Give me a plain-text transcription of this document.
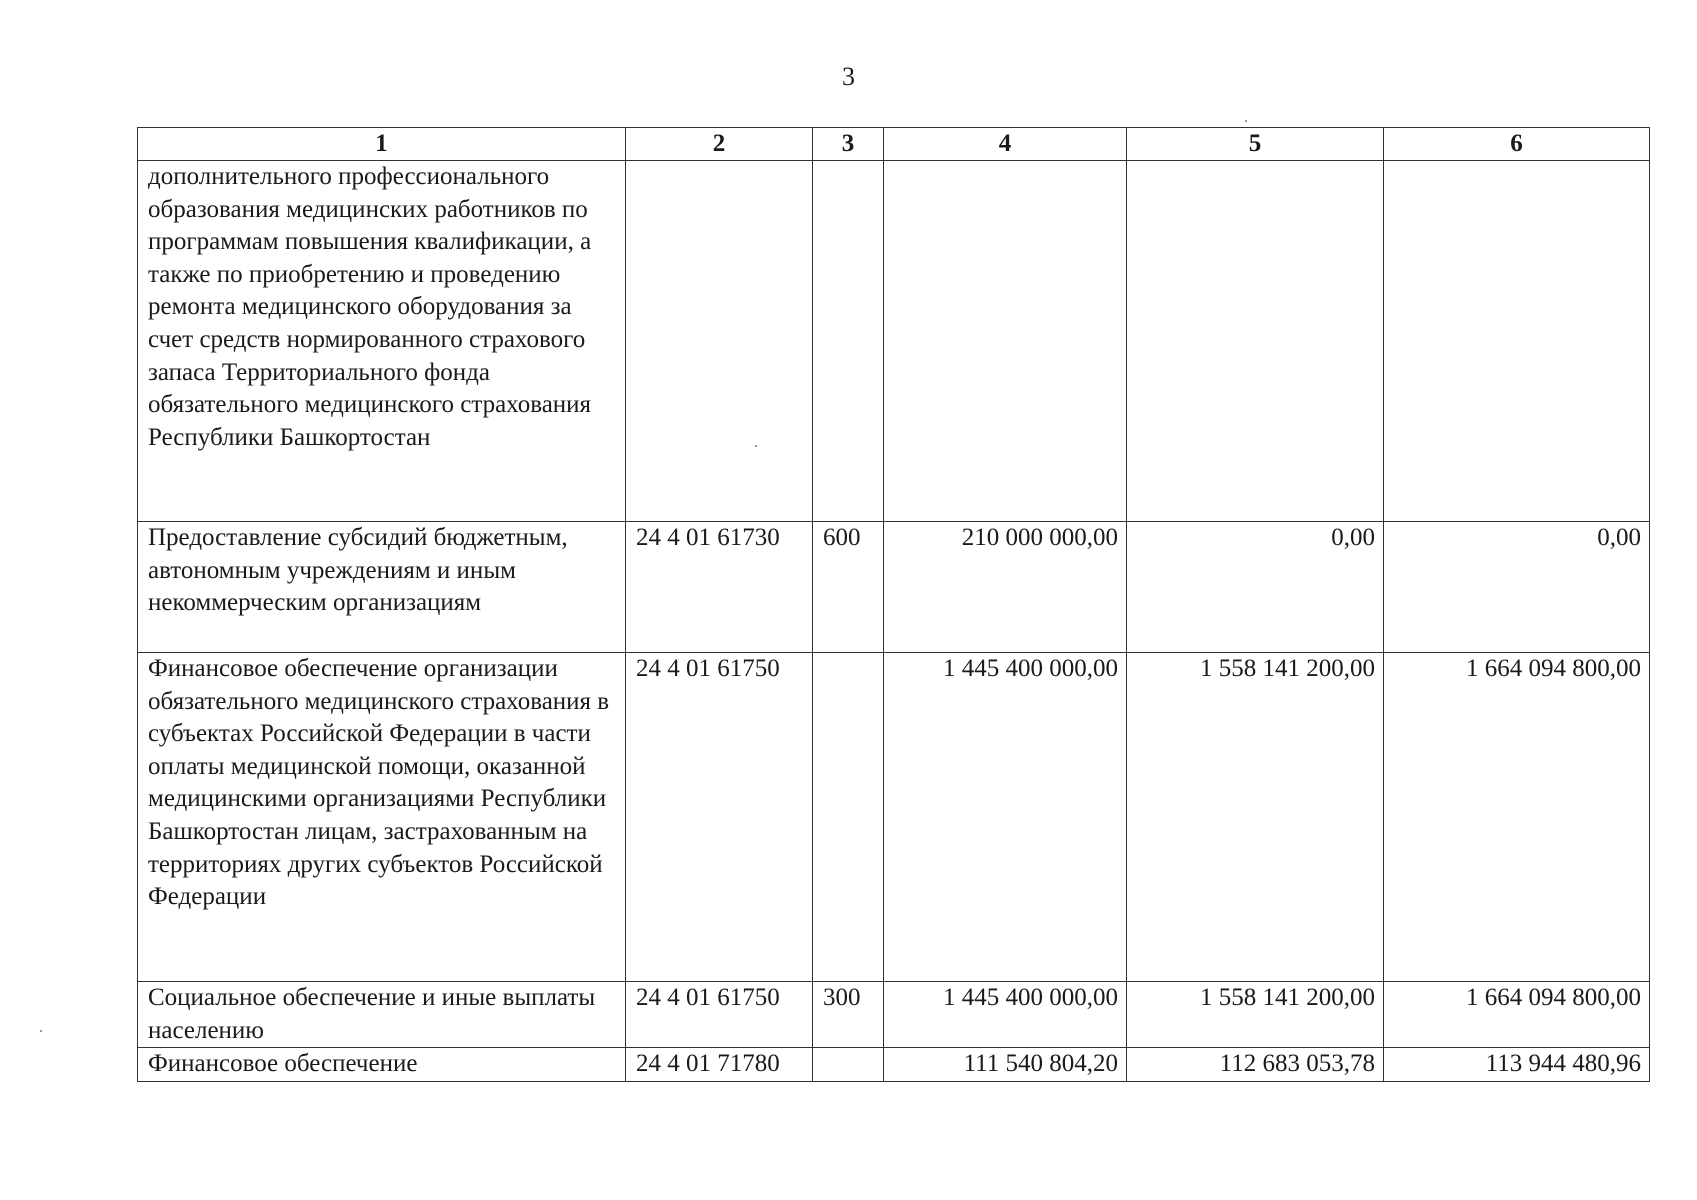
3
1	2	3	4	5	6
дополнительного профессионального образования медицинских работников по программам повышения квалификации, а также по приобретению и проведению ремонта медицинского оборудования за счет средств нормированного страхового запаса Территориального фонда обязательного медицинского страхования Республики Башкортостан					
Предоставление субсидий бюджетным, автономным учреждениям и иным некоммерческим организациям	24 4 01 61730	600	210 000 000,00	0,00	0,00
Финансовое обеспечение организации обязательного медицинского страхования в субъектах Российской Федерации в части оплаты медицинской помощи, оказанной медицинскими организациями Республики Башкортостан лицам, застрахованным на территориях других субъектов Российской Федерации	24 4 01 61750		1 445 400 000,00	1 558 141 200,00	1 664 094 800,00
Социальное обеспечение и иные выплаты населению	24 4 01 61750	300	1 445 400 000,00	1 558 141 200,00	1 664 094 800,00
Финансовое обеспечение	24 4 01 71780		111 540 804,20	112 683 053,78	113 944 480,96
